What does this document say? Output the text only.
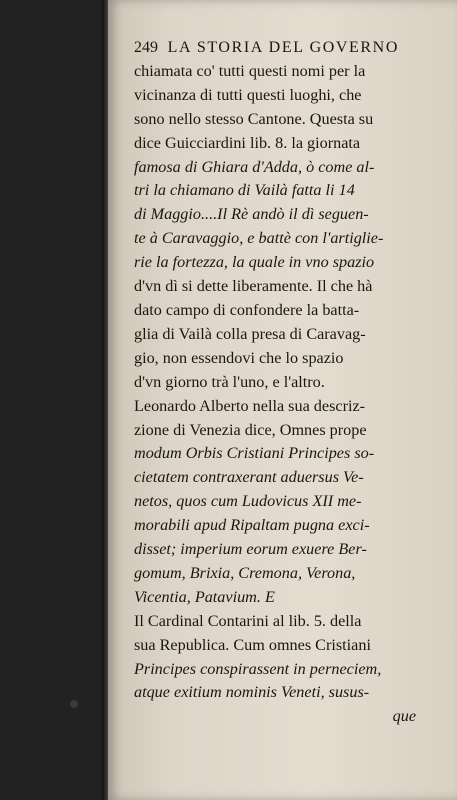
249 LA STORIA DEL GOVERNO
chiamata co' tutti questi nomi per la
vicinanza di tutti questi luoghi, che
sono nello stesso Cantone. Questa su
dice Guicciardini lib. 8. la giornata
famosa di Ghiara d'Adda, ò come al-
tri la chiamano di Vailà fatta li 14
di Maggio....Il Rè andò il dì seguen-
te à Caravaggio, e battè con l'artiglie-
rie la fortezza, la quale in vno spazio
d'vn dì si dette liberamente. Il che hà
dato campo di confondere la batta-
glia di Vailà colla presa di Caravag-
gio, non essendovi che lo spazio
d'vn giorno trà l'uno, e l'altro.
Leonardo Alberto nella sua descriz-
zione di Venezia dice, Omnes prope
modum Orbis Cristiani Principes so-
cietatem contraxerant aduersus Ve-
netos, quos cum Ludovicus XII me-
morabili apud Ripaltam pugna exci-
disset; imperium eorum exuere Ber-
gomum, Brixia, Cremona, Verona,
Vicentia, Patavium. E
Il Cardinal Contarini al lib. 5. della
sua Republica. Cum omnes Cristiani
Principes conspirassent in perneciem,
atque exitium nominis Veneti, susus-
que
